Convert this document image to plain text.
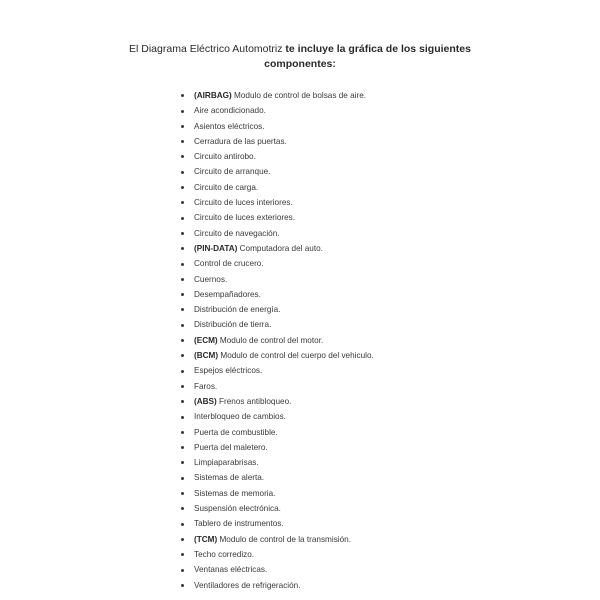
El Diagrama Eléctrico Automotriz te incluye la gráfica de los siguientes
componentes:
(AIRBAG) Modulo de control de bolsas de aire.
Aire acondicionado.
Asientos eléctricos.
Cerradura de las puertas.
Circuito antirobo.
Circuito de arranque.
Circuito de carga.
Circuito de luces interiores.
Circuito de luces exteriores.
Circuito de navegación.
(PIN-DATA) Computadora del auto.
Control de crucero.
Cuernos.
Desempañadores.
Distribución de energía.
Distribución de tierra.
(ECM) Modulo de control del motor.
(BCM) Modulo de control del cuerpo del vehiculo.
Espejos eléctricos.
Faros.
(ABS) Frenos antibloqueo.
Interbloqueo de cambios.
Puerta de combustible.
Puerta del maletero.
Limpiaparabrisas.
Sistemas de alerta.
Sistemas de memoria.
Suspensión electrónica.
Tablero de instrumentos.
(TCM) Modulo de control de la transmisión.
Techo corredizo.
Ventanas eléctricas.
Ventiladores de refrigeración.
